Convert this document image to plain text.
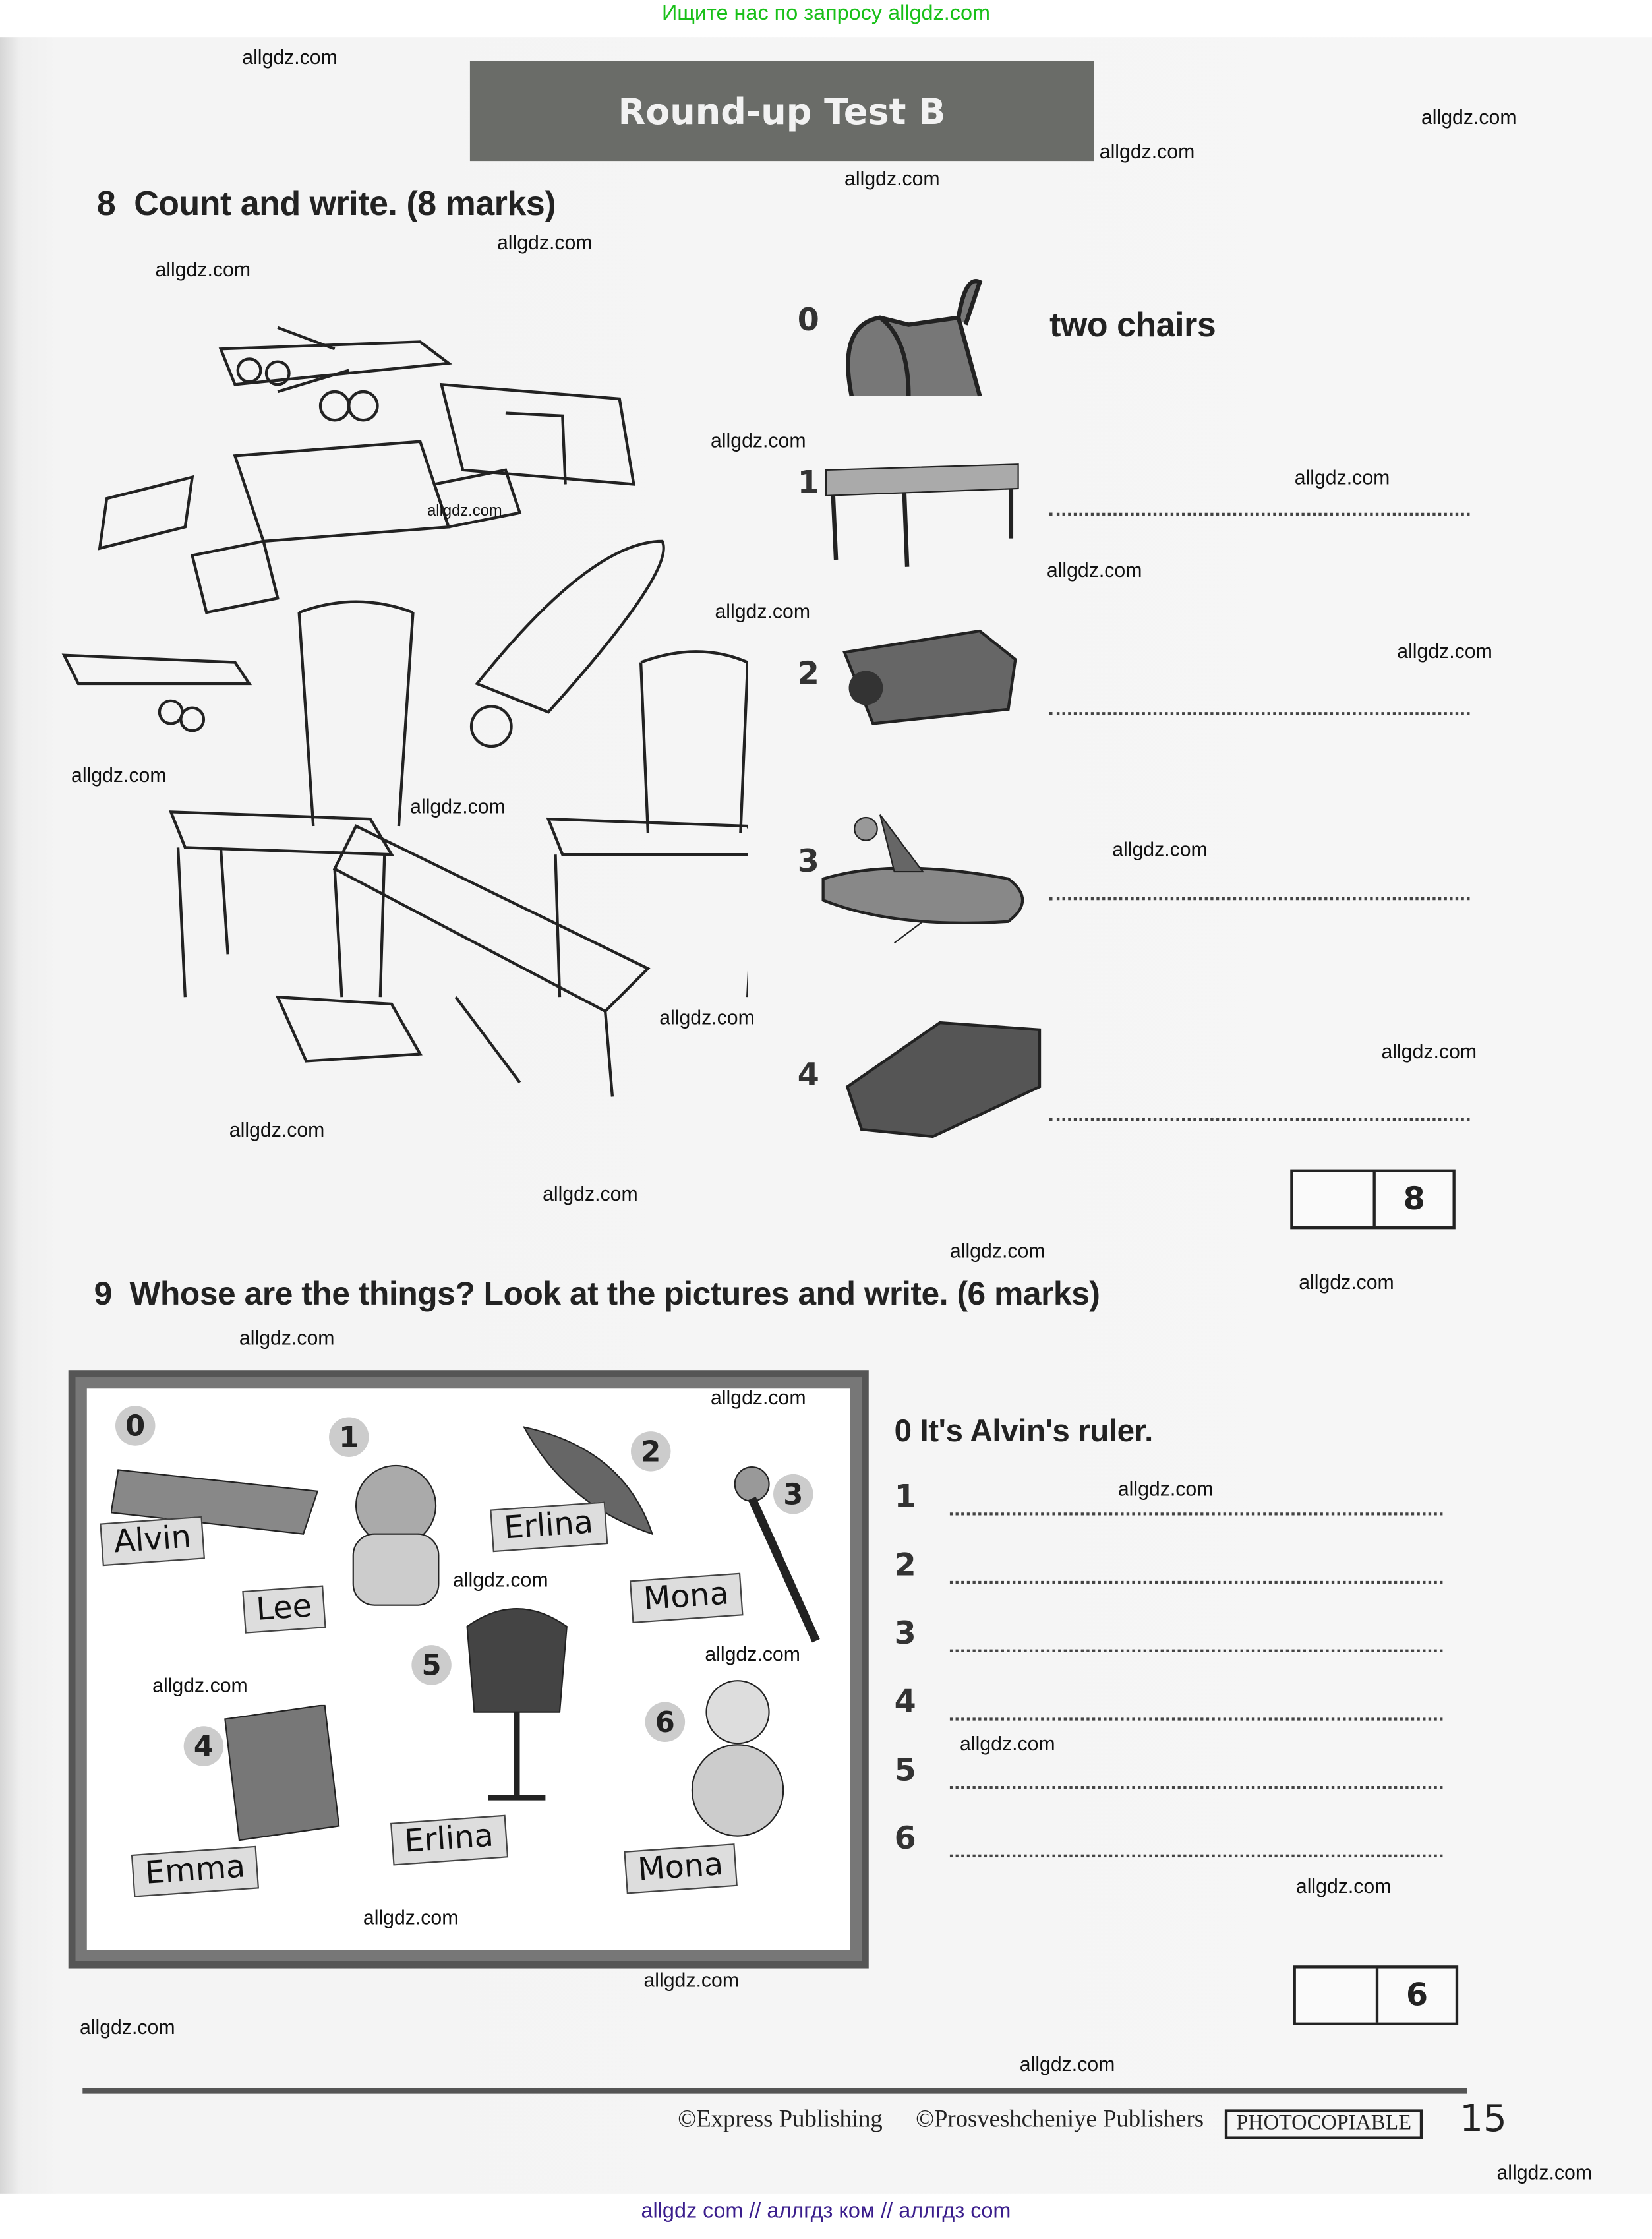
Ищите нас по запросу allgdz.com
Round-up Test B
8 Count and write. (8 marks)
0	two chairs
1
2
3
4
8
9 Whose are the things? Look at the pictures and write. (6 marks)
0	1	2
3
4
5
6
Alvin
Lee
Erlina
Mona
Emma
Erlina
Mona
0 It's Alvin's ruler.
1
2
3
4
5
6
6
©Express Publishing	©Prosveshcheniye Publishers	PHOTOCOPIABLE	15
allgdz.com
allgdz.com
allgdz.com
allgdz.com
allgdz.com
allgdz.com
allgdz.com
allgdz.com
allgdz.com
allgdz.com
allgdz.com
allgdz.com
allgdz.com
allgdz.com
allgdz.com
allgdz.com
allgdz.com
allgdz.com
allgdz.com
allgdz.com
allgdz.com
allgdz.com
allgdz.com
allgdz.com
allgdz.com
allgdz.com
allgdz.com
allgdz.com
allgdz.com
allgdz.com
allgdz.com
allgdz.com
allgdz.com
allgdz.com
allgdz com // аллгдз ком // аллгдз com
